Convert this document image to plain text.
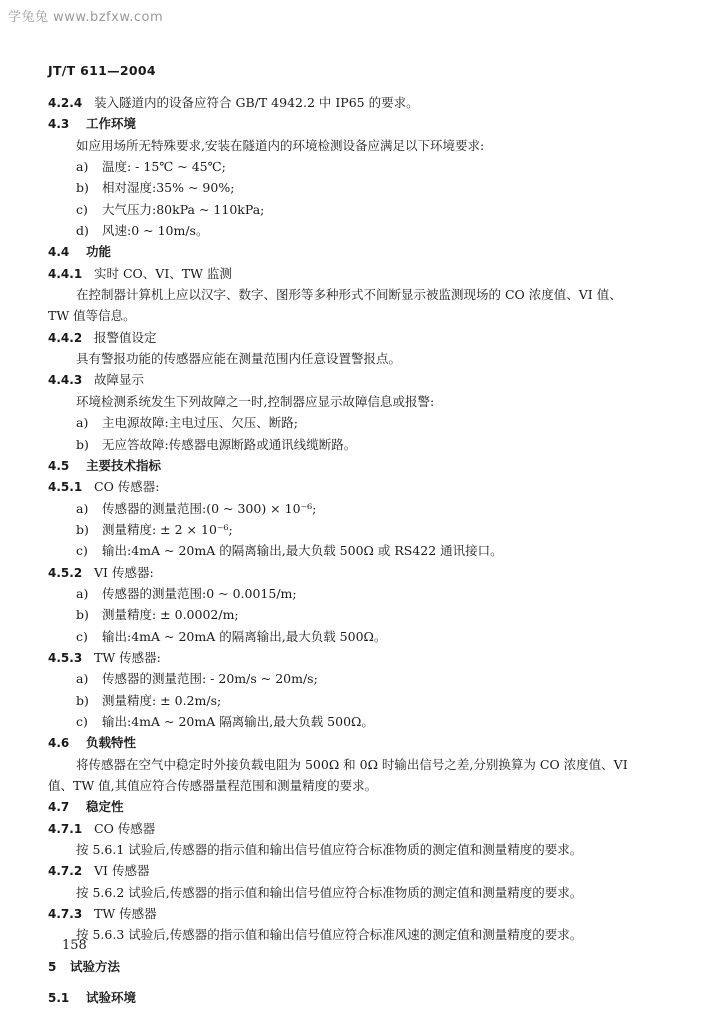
学兔兔 www.bzfxw.com
JT/T 611—2004
4.2.4 装入隧道内的设备应符合 GB/T 4942.2 中 IP65 的要求。
4.3 工作环境
如应用场所无特殊要求,安装在隧道内的环境检测设备应满足以下环境要求:
a) 温度: - 15℃ ~ 45℃;
b) 相对湿度:35% ~ 90%;
c) 大气压力:80kPa ~ 110kPa;
d) 风速:0 ~ 10m/s。
4.4 功能
4.4.1 实时 CO、VI、TW 监测
在控制器计算机上应以汉字、数字、图形等多种形式不间断显示被监测现场的 CO 浓度值、VI 值、
TW 值等信息。
4.4.2 报警值设定
具有警报功能的传感器应能在测量范围内任意设置警报点。
4.4.3 故障显示
环境检测系统发生下列故障之一时,控制器应显示故障信息或报警:
a) 主电源故障:主电过压、欠压、断路;
b) 无应答故障:传感器电源断路或通讯线缆断路。
4.5 主要技术指标
4.5.1 CO 传感器:
a) 传感器的测量范围:(0 ~ 300) × 10⁻⁶;
b) 测量精度: ± 2 × 10⁻⁶;
c) 输出:4mA ~ 20mA 的隔离输出,最大负载 500Ω 或 RS422 通讯接口。
4.5.2 VI 传感器:
a) 传感器的测量范围:0 ~ 0.0015/m;
b) 测量精度: ± 0.0002/m;
c) 输出:4mA ~ 20mA 的隔离输出,最大负载 500Ω。
4.5.3 TW 传感器:
a) 传感器的测量范围: - 20m/s ~ 20m/s;
b) 测量精度: ± 0.2m/s;
c) 输出:4mA ~ 20mA 隔离输出,最大负载 500Ω。
4.6 负载特性
将传感器在空气中稳定时外接负载电阻为 500Ω 和 0Ω 时输出信号之差,分别换算为 CO 浓度值、VI
值、TW 值,其值应符合传感器量程范围和测量精度的要求。
4.7 稳定性
4.7.1 CO 传感器
按 5.6.1 试验后,传感器的指示值和输出信号值应符合标准物质的测定值和测量精度的要求。
4.7.2 VI 传感器
按 5.6.2 试验后,传感器的指示值和输出信号值应符合标准物质的测定值和测量精度的要求。
4.7.3 TW 传感器
按 5.6.3 试验后,传感器的指示值和输出信号值应符合标准风速的测定值和测量精度的要求。
5 试验方法
5.1 试验环境
158
